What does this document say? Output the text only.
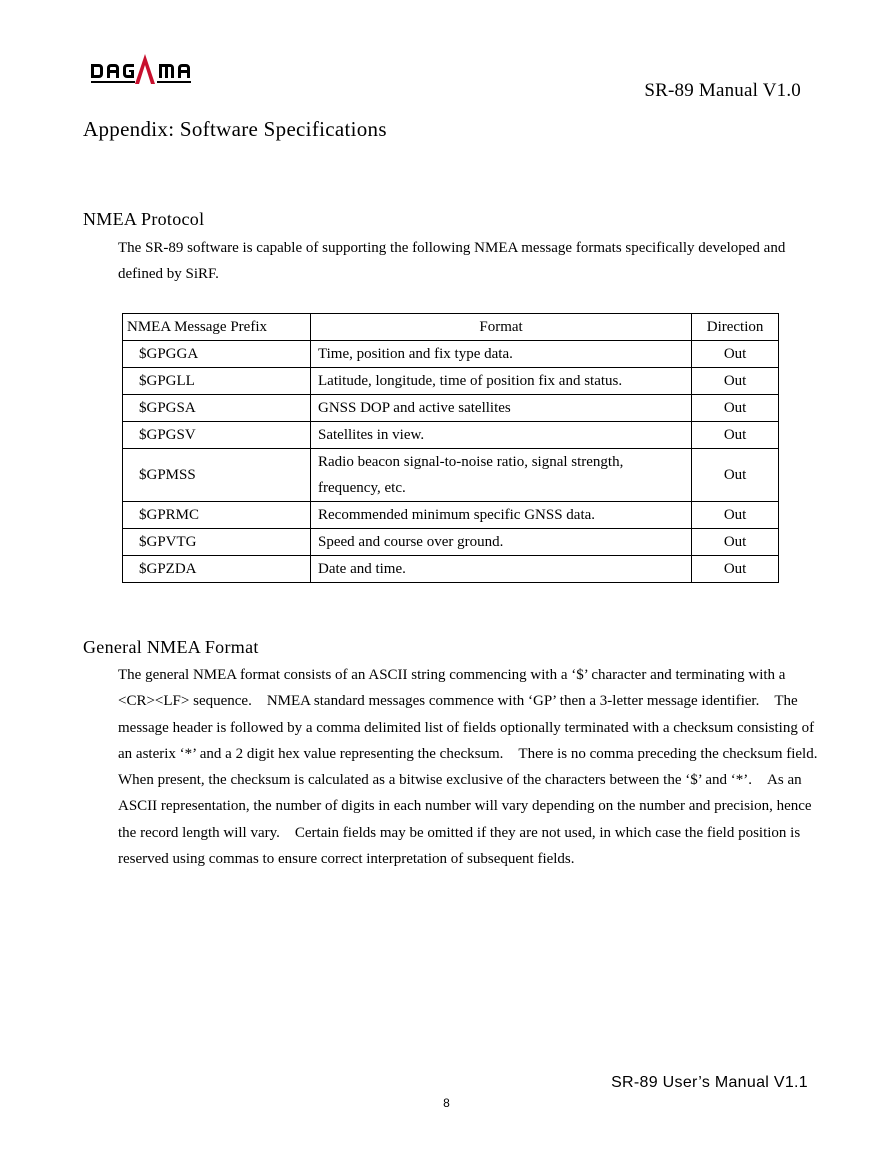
SR-89 Manual V1.0
Appendix: Software Specifications
NMEA Protocol
The SR-89 software is capable of supporting the following NMEA message formats specifically developed and defined by SiRF.
NMEA Message Prefix	Format	Direction
$GPGGA	Time, position and fix type data.	Out
$GPGLL	Latitude, longitude, time of position fix and status.	Out
$GPGSA	GNSS DOP and active satellites	Out
$GPGSV	Satellites in view.	Out
$GPMSS	Radio beacon signal-to-noise ratio, signal strength, frequency, etc.	Out
$GPRMC	Recommended minimum specific GNSS data.	Out
$GPVTG	Speed and course over ground.	Out
$GPZDA	Date and time.	Out
General NMEA Format
The general NMEA format consists of an ASCII string commencing with a ‘$’ character and terminating with a <CR><LF> sequence.　NMEA standard messages commence with ‘GP’ then a 3-letter message identifier.　The message header is followed by a comma delimited list of fields optionally terminated with a checksum consisting of an asterix ‘*’ and a 2 digit hex value representing the checksum.　There is no comma preceding the checksum field.　When present, the checksum is calculated as a bitwise exclusive of the characters between the ‘$’ and ‘*’.　As an ASCII representation, the number of digits in each number will vary depending on the number and precision, hence the record length will vary.　Certain fields may be omitted if they are not used, in which case the field position is reserved using commas to ensure correct interpretation of subsequent fields.
SR-89 User’s Manual V1.1
8
